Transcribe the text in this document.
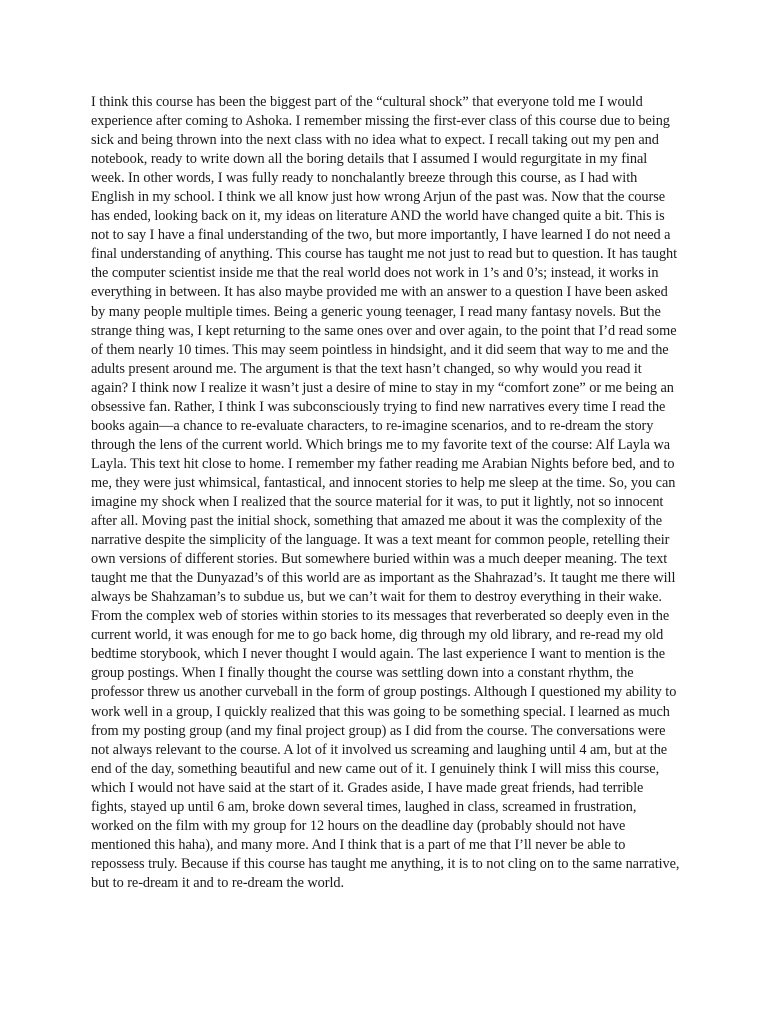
I think this course has been the biggest part of the “cultural shock” that everyone told me I would experience after coming to Ashoka. I remember missing the first-ever class of this course due to being sick and being thrown into the next class with no idea what to expect. I recall taking out my pen and notebook, ready to write down all the boring details that I assumed I would regurgitate in my final week. In other words, I was fully ready to nonchalantly breeze through this course, as I had with English in my school. I think we all know just how wrong Arjun of the past was. Now that the course has ended, looking back on it, my ideas on literature AND the world have changed quite a bit. This is not to say I have a final understanding of the two, but more importantly, I have learned I do not need a final understanding of anything. This course has taught me not just to read but to question. It has taught the computer scientist inside me that the real world does not work in 1’s and 0’s; instead, it works in everything in between. It has also maybe provided me with an answer to a question I have been asked by many people multiple times. Being a generic young teenager, I read many fantasy novels. But the strange thing was, I kept returning to the same ones over and over again, to the point that I’d read some of them nearly 10 times. This may seem pointless in hindsight, and it did seem that way to me and the adults present around me. The argument is that the text hasn’t changed, so why would you read it again? I think now I realize it wasn’t just a desire of mine to stay in my “comfort zone” or me being an obsessive fan. Rather, I think I was subconsciously trying to find new narratives every time I read the books again—a chance to re-evaluate characters, to re-imagine scenarios, and to re-dream the story through the lens of the current world. Which brings me to my favorite text of the course: Alf Layla wa Layla. This text hit close to home. I remember my father reading me Arabian Nights before bed, and to me, they were just whimsical, fantastical, and innocent stories to help me sleep at the time. So, you can imagine my shock when I realized that the source material for it was, to put it lightly, not so innocent after all. Moving past the initial shock, something that amazed me about it was the complexity of the narrative despite the simplicity of the language. It was a text meant for common people, retelling their own versions of different stories. But somewhere buried within was a much deeper meaning. The text taught me that the Dunyazad’s of this world are as important as the Shahrazad’s. It taught me there will always be Shahzaman’s to subdue us, but we can’t wait for them to destroy everything in their wake. From the complex web of stories within stories to its messages that reverberated so deeply even in the current world, it was enough for me to go back home, dig through my old library, and re-read my old bedtime storybook, which I never thought I would again. The last experience I want to mention is the group postings. When I finally thought the course was settling down into a constant rhythm, the professor threw us another curveball in the form of group postings. Although I questioned my ability to work well in a group, I quickly realized that this was going to be something special. I learned as much from my posting group (and my final project group) as I did from the course. The conversations were not always relevant to the course. A lot of it involved us screaming and laughing until 4 am, but at the end of the day, something beautiful and new came out of it. I genuinely think I will miss this course, which I would not have said at the start of it. Grades aside, I have made great friends, had terrible fights, stayed up until 6 am, broke down several times, laughed in class, screamed in frustration, worked on the film with my group for 12 hours on the deadline day (probably should not have mentioned this haha), and many more. And I think that is a part of me that I’ll never be able to repossess truly. Because if this course has taught me anything, it is to not cling on to the same narrative, but to re-dream it and to re-dream the world.
